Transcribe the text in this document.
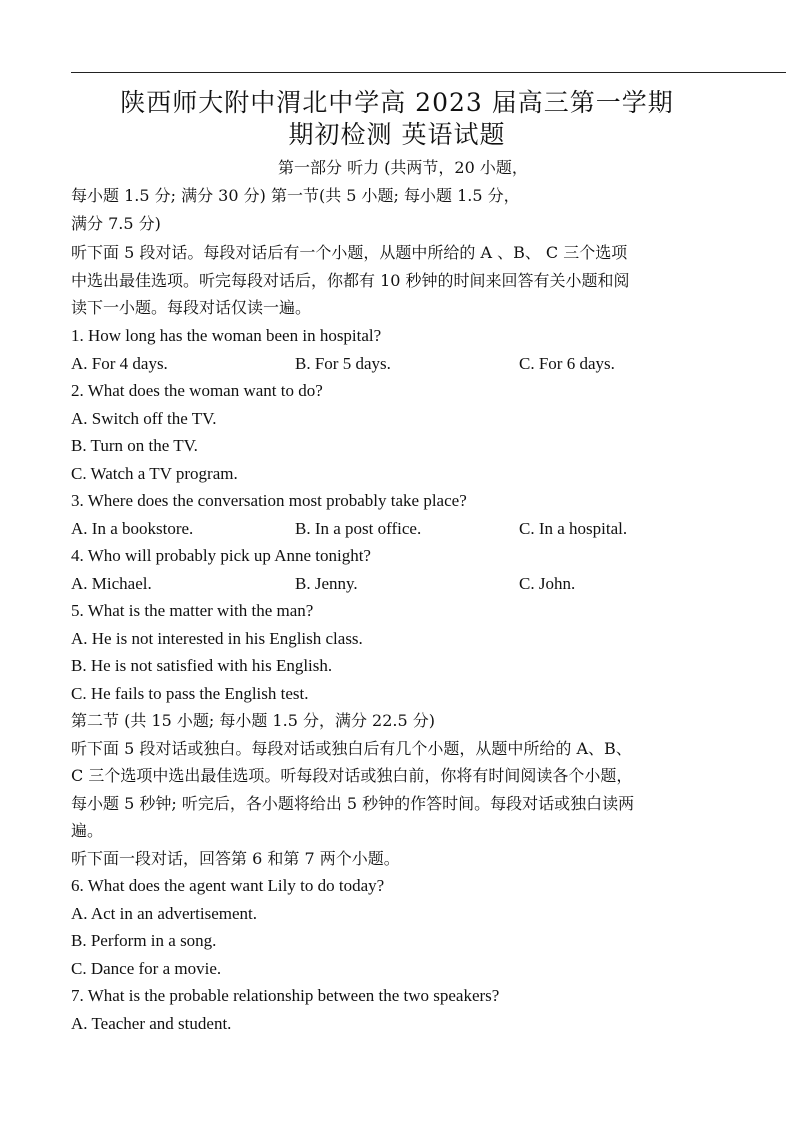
陕西师大附中渭北中学高 2023 届高三第一学期
期初检测 英语试题
第一部分 听力 (共两节，20 小题，
每小题 1.5 分; 满分 30 分) 第一节(共 5 小题; 每小题 1.5 分，
满分 7.5 分)
听下面 5 段对话。每段对话后有一个小题，从题中所给的 A 、B、 C 三个选项
中选出最佳选项。听完每段对话后，你都有 10 秒钟的时间来回答有关小题和阅
读下一小题。每段对话仅读一遍。
1. How long has the woman been in hospital?
A. For 4 days.	B. For 5 days.	C. For 6 days.
2. What does the woman want to do?
A. Switch off the TV.
B. Turn on the TV.
C. Watch a TV program.
3. Where does the conversation most probably take place?
A. In a bookstore.	B. In a post office.	C. In a hospital.
4. Who will probably pick up Anne tonight?
A. Michael.	B. Jenny.	C. John.
5. What is the matter with the man?
A. He is not interested in his English class.
B. He is not satisfied with his English.
C. He fails to pass the English test.
第二节 (共 15 小题; 每小题 1.5 分，满分 22.5 分)
听下面 5 段对话或独白。每段对话或独白后有几个小题，从题中所给的 A、B、
C 三个选项中选出最佳选项。听每段对话或独白前，你将有时间阅读各个小题，
每小题 5 秒钟; 听完后，各小题将给出 5 秒钟的作答时间。每段对话或独白读两
遍。
听下面一段对话，回答第 6 和第 7 两个小题。
6. What does the agent want Lily to do today?
A. Act in an advertisement.
B. Perform in a song.
C. Dance for a movie.
7. What is the probable relationship between the two speakers?
A. Teacher and student.
